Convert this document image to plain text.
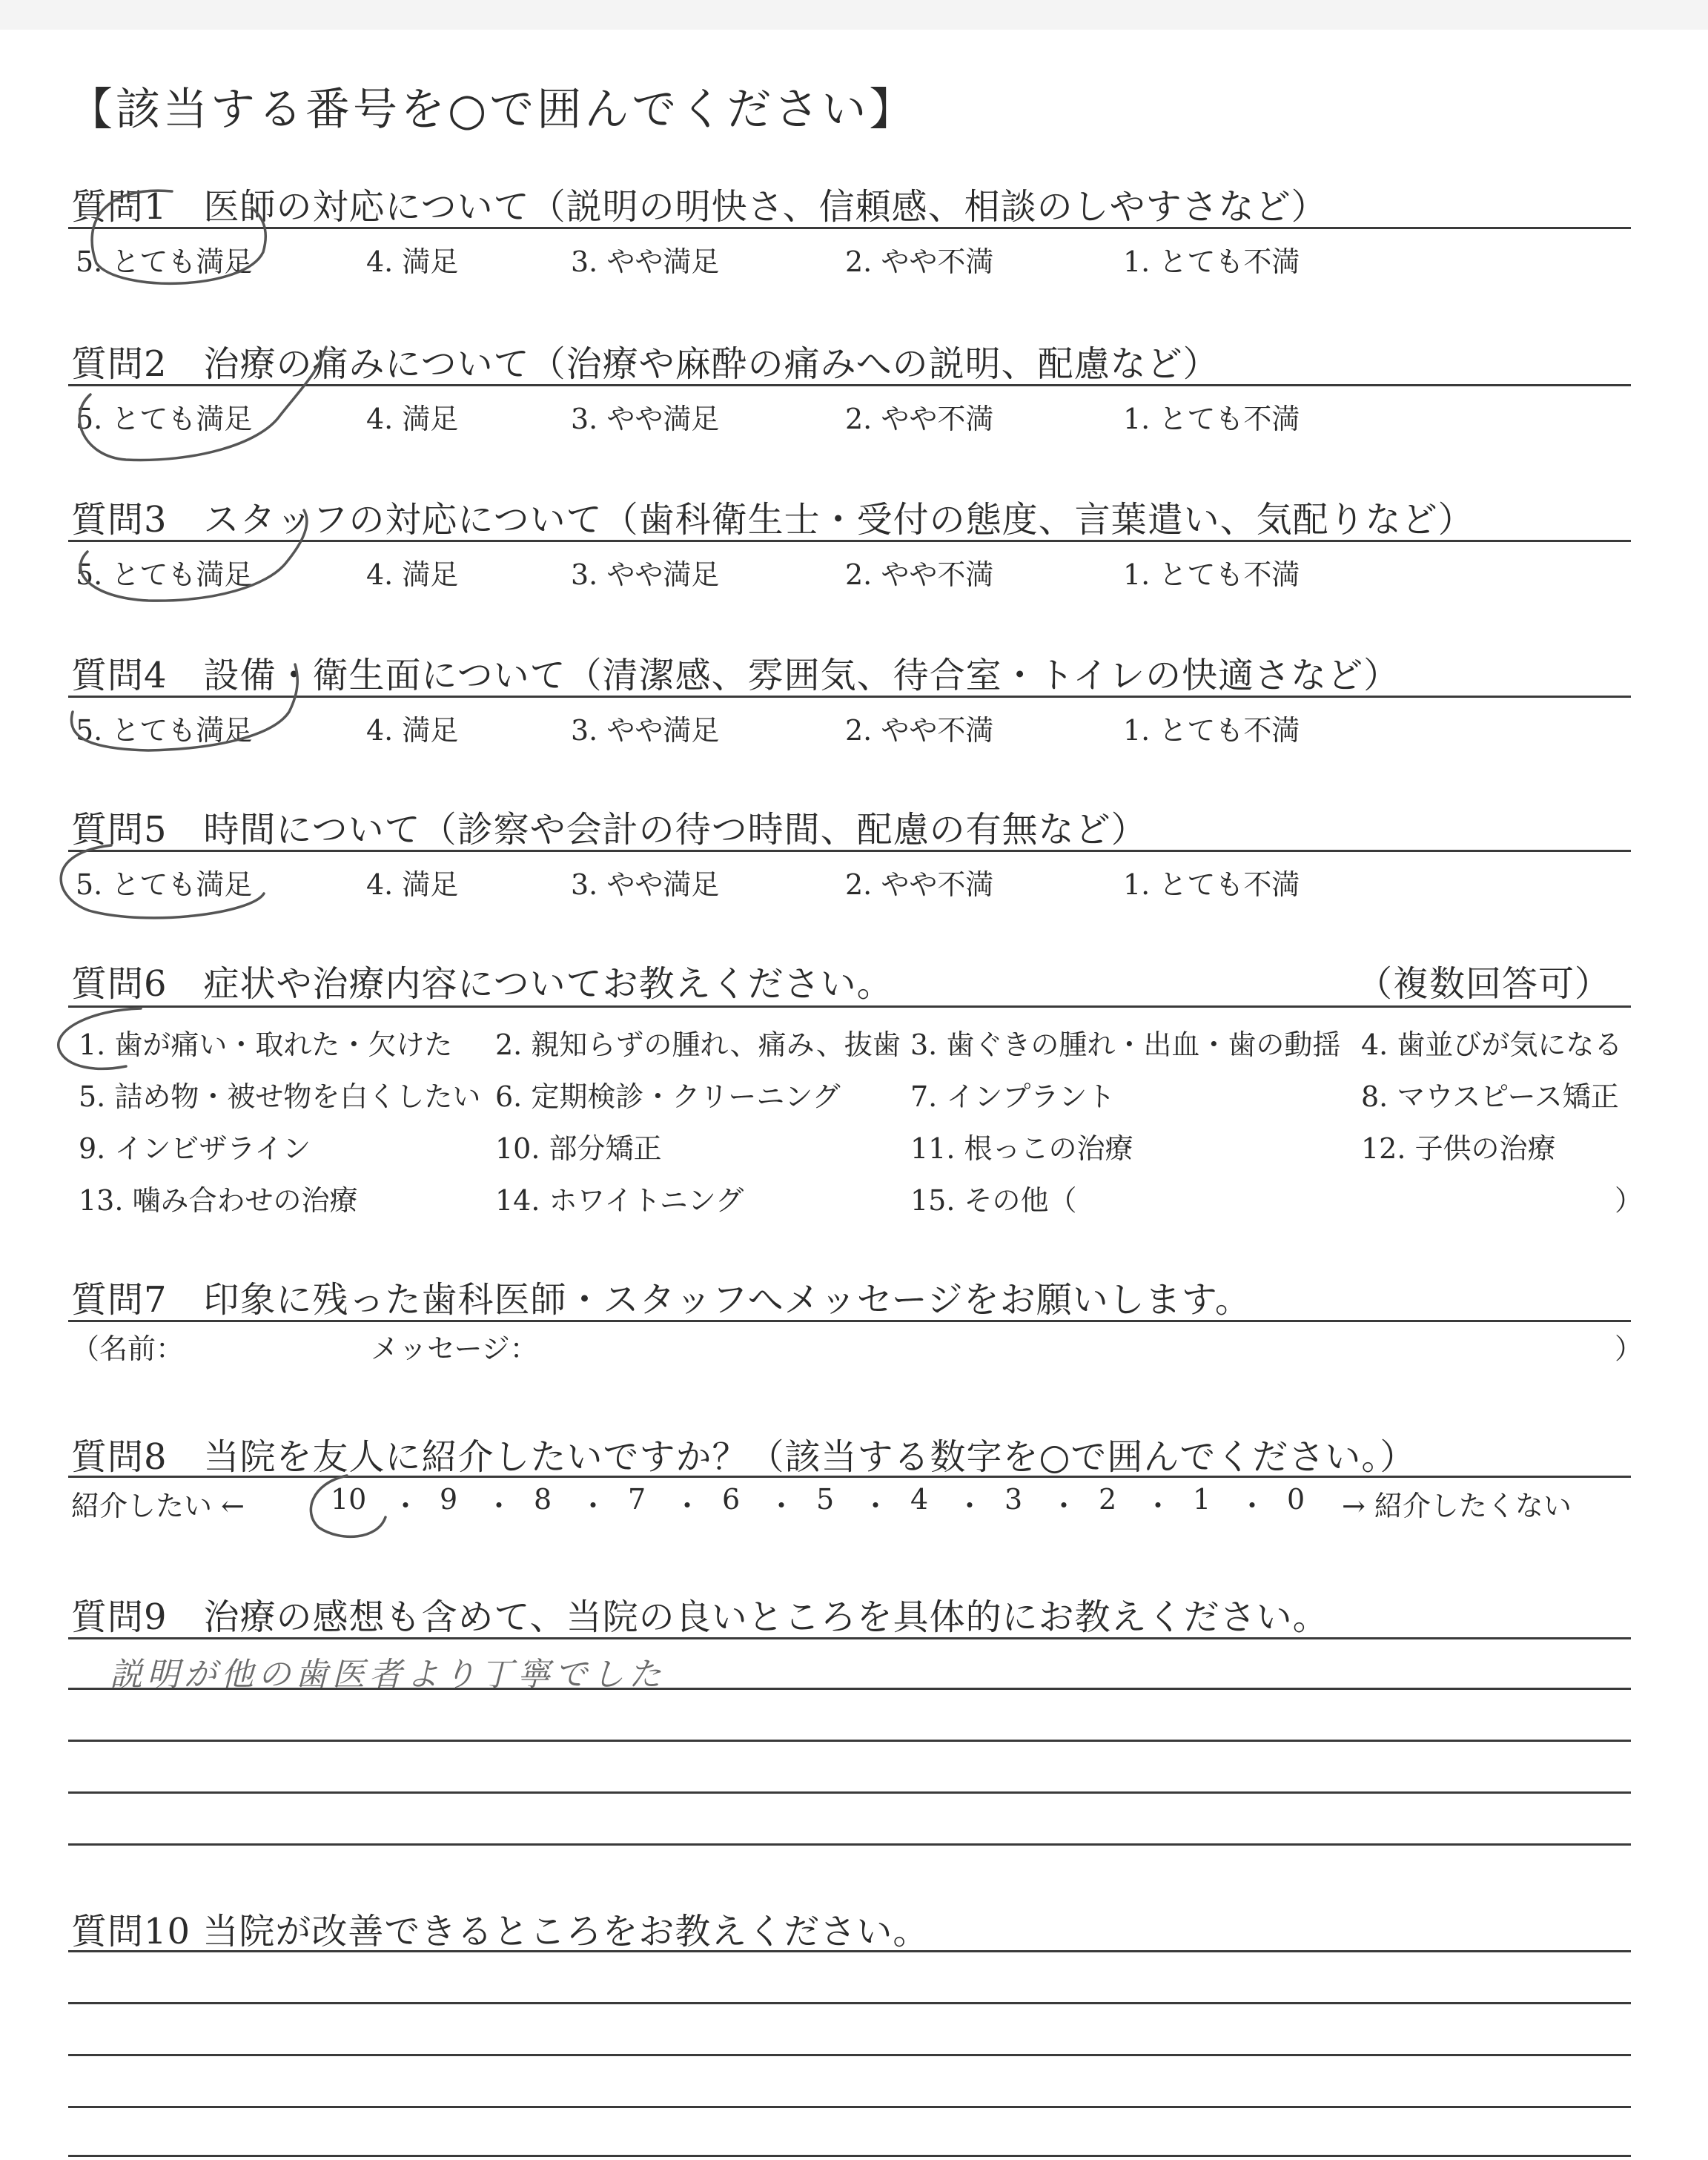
【該当する番号を○で囲んでください】
質問1　医師の対応について（説明の明快さ、信頼感、相談のしやすさなど）
5. とても満足	4. 満足	3. やや満足	2. やや不満	1. とても不満
質問2　治療の痛みについて（治療や麻酔の痛みへの説明、配慮など）
5. とても満足	4. 満足	3. やや満足	2. やや不満	1. とても不満
質問3　スタッフの対応について（歯科衛生士・受付の態度、言葉遣い、気配りなど）
5. とても満足	4. 満足	3. やや満足	2. やや不満	1. とても不満
質問4　設備・衛生面について（清潔感、雰囲気、待合室・トイレの快適さなど）
5. とても満足	4. 満足	3. やや満足	2. やや不満	1. とても不満
質問5　時間について（診察や会計の待つ時間、配慮の有無など）
5. とても満足	4. 満足	3. やや満足	2. やや不満	1. とても不満
質問6　症状や治療内容についてお教えください。	（複数回答可）
1. 歯が痛い・取れた・欠けた 2. 親知らずの腫れ、痛み、抜歯 3. 歯ぐきの腫れ・出血・歯の動揺 4. 歯並びが気になる
5. 詰め物・被せ物を白くしたい 6. 定期検診・クリーニング 7. インプラント	8. マウスピース矯正
9. インビザライン	10. 部分矯正	11. 根っこの治療	12. 子供の治療
13. 噛み合わせの治療	14. ホワイトニング	15. その他（	）
質問7　印象に残った歯科医師・スタッフへメッセージをお願いします。
（名前：	メッセージ：	）
質問8　当院を友人に紹介したいですか？（該当する数字を○で囲んでください。）
紹介したい ←	→ 紹介したくない
10 ・ 9 ・ 8 ・ 7 ・ 6 ・ 5 ・ 4 ・ 3 ・ 2 ・ 1 ・ 0
質問9　治療の感想も含めて、当院の良いところを具体的にお教えください。
説明が他の歯医者より丁寧でした
質問10 当院が改善できるところをお教えください。
